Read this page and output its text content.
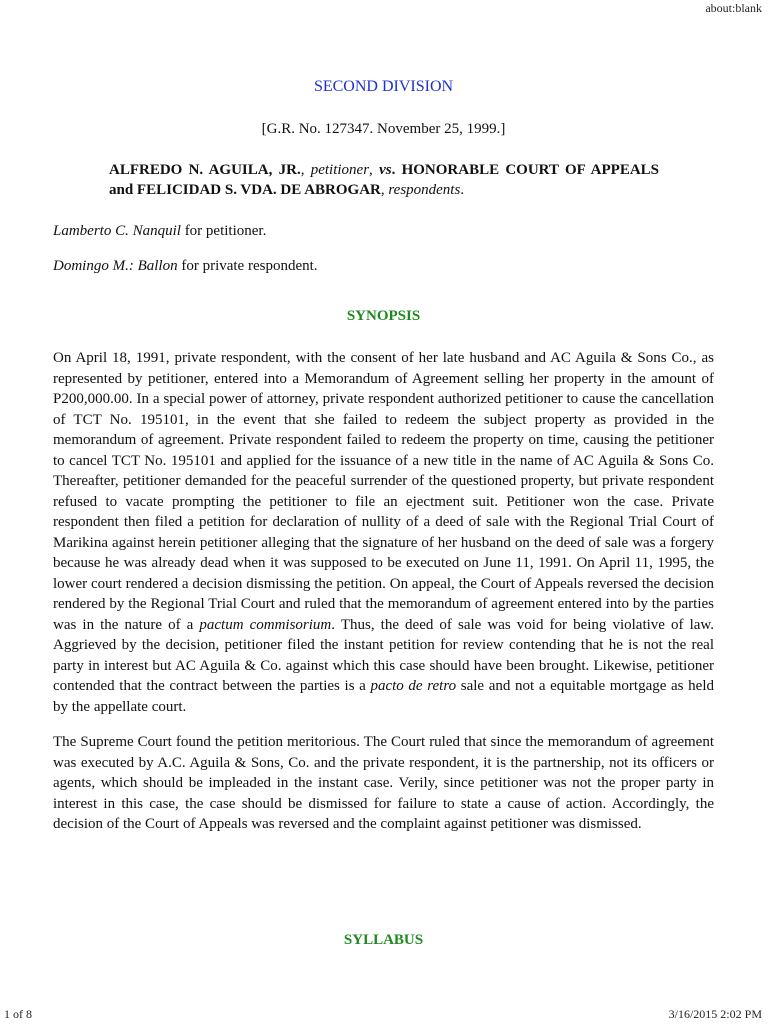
about:blank

SECOND DIVISION

[G.R. No. 127347. November 25, 1999.]

ALFREDO N. AGUILA, JR., petitioner, vs. HONORABLE COURT OF APPEALS and FELICIDAD S. VDA. DE ABROGAR, respondents.

Lamberto C. Nanquil for petitioner.

Domingo M.: Ballon for private respondent.

SYNOPSIS

On April 18, 1991, private respondent, with the consent of her late husband and AC Aguila & Sons Co., as represented by petitioner, entered into a Memorandum of Agreement selling her property in the amount of P200,000.00. In a special power of attorney, private respondent authorized petitioner to cause the cancellation of TCT No. 195101, in the event that she failed to redeem the subject property as provided in the memorandum of agreement. Private respondent failed to redeem the property on time, causing the petitioner to cancel TCT No. 195101 and applied for the issuance of a new title in the name of AC Aguila & Sons Co. Thereafter, petitioner demanded for the peaceful surrender of the questioned property, but private respondent refused to vacate prompting the petitioner to file an ejectment suit. Petitioner won the case. Private respondent then filed a petition for declaration of nullity of a deed of sale with the Regional Trial Court of Marikina against herein petitioner alleging that the signature of her husband on the deed of sale was a forgery because he was already dead when it was supposed to be executed on June 11, 1991. On April 11, 1995, the lower court rendered a decision dismissing the petition. On appeal, the Court of Appeals reversed the decision rendered by the Regional Trial Court and ruled that the memorandum of agreement entered into by the parties was in the nature of a pactum commisorium. Thus, the deed of sale was void for being violative of law. Aggrieved by the decision, petitioner filed the instant petition for review contending that he is not the real party in interest but AC Aguila & Co. against which this case should have been brought. Likewise, petitioner contended that the contract between the parties is a pacto de retro sale and not a equitable mortgage as held by the appellate court.

The Supreme Court found the petition meritorious. The Court ruled that since the memorandum of agreement was executed by A.C. Aguila & Sons, Co. and the private respondent, it is the partnership, not its officers or agents, which should be impleaded in the instant case. Verily, since petitioner was not the proper party in interest in this case, the case should be dismissed for failure to state a cause of action. Accordingly, the decision of the Court of Appeals was reversed and the complaint against petitioner was dismissed.

SYLLABUS

1 of 8	3/16/2015 2:02 PM
